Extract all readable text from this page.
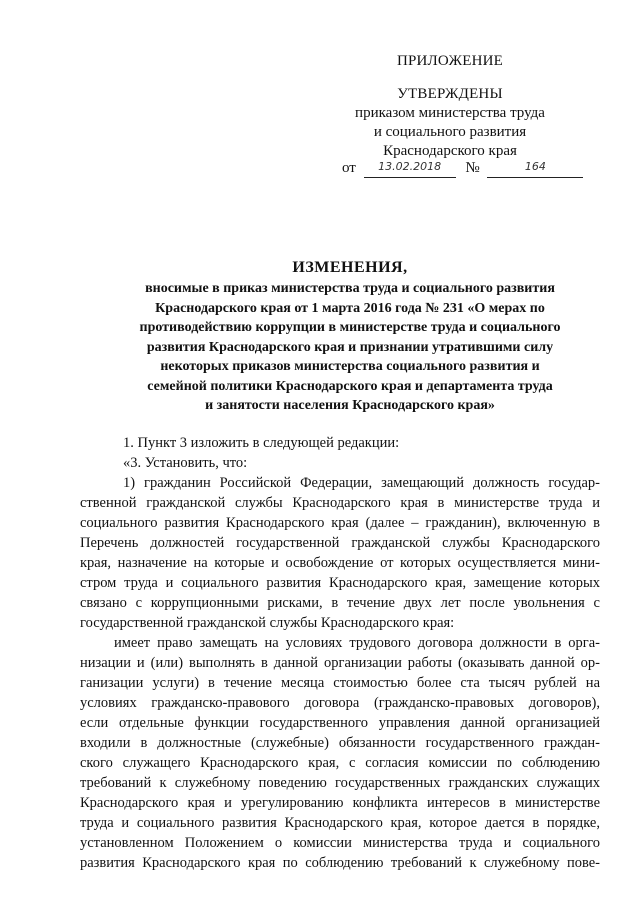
ПРИЛОЖЕНИЕ
УТВЕРЖДЕНЫ
приказом министерства труда
и социального развития
Краснодарского края
от 13.02.2018 №	164
ИЗМЕНЕНИЯ,
вносимые в приказ министерства труда и социального развития
Краснодарского края от 1 марта 2016 года № 231 «О мерах по
противодействию коррупции в министерстве труда и социального
развития Краснодарского края и признании утратившими силу
некоторых приказов министерства социального развития и
семейной политики Краснодарского края и департамента труда
и занятости населения Краснодарского края»
1. Пункт 3 изложить в следующей редакции:
«3. Установить, что:
1) гражданин Российской Федерации, замещающий должность государ-
ственной гражданской службы Краснодарского края в министерстве труда и
социального развития Краснодарского края (далее – гражданин), включенную в
Перечень должностей государственной гражданской службы Краснодарского
края, назначение на которые и освобождение от которых осуществляется мини-
стром труда и социального развития Краснодарского края, замещение которых
связано с коррупционными рисками, в течение двух лет после увольнения с
государственной гражданской службы Краснодарского края:
имеет право замещать на условиях трудового договора должности в орга-
низации и (или) выполнять в данной организации работы (оказывать данной ор-
ганизации услуги) в течение месяца стоимостью более ста тысяч рублей на
условиях гражданско-правового договора (гражданско-правовых договоров),
если отдельные функции государственного управления данной организацией
входили в должностные (служебные) обязанности государственного граждан-
ского служащего Краснодарского края, с согласия комиссии по соблюдению
требований к служебному поведению государственных гражданских служащих
Краснодарского края и урегулированию конфликта интересов в министерстве
труда и социального развития Краснодарского края, которое дается в порядке,
установленном Положением о комиссии министерства труда и социального
развития Краснодарского края по соблюдению требований к служебному пове-
